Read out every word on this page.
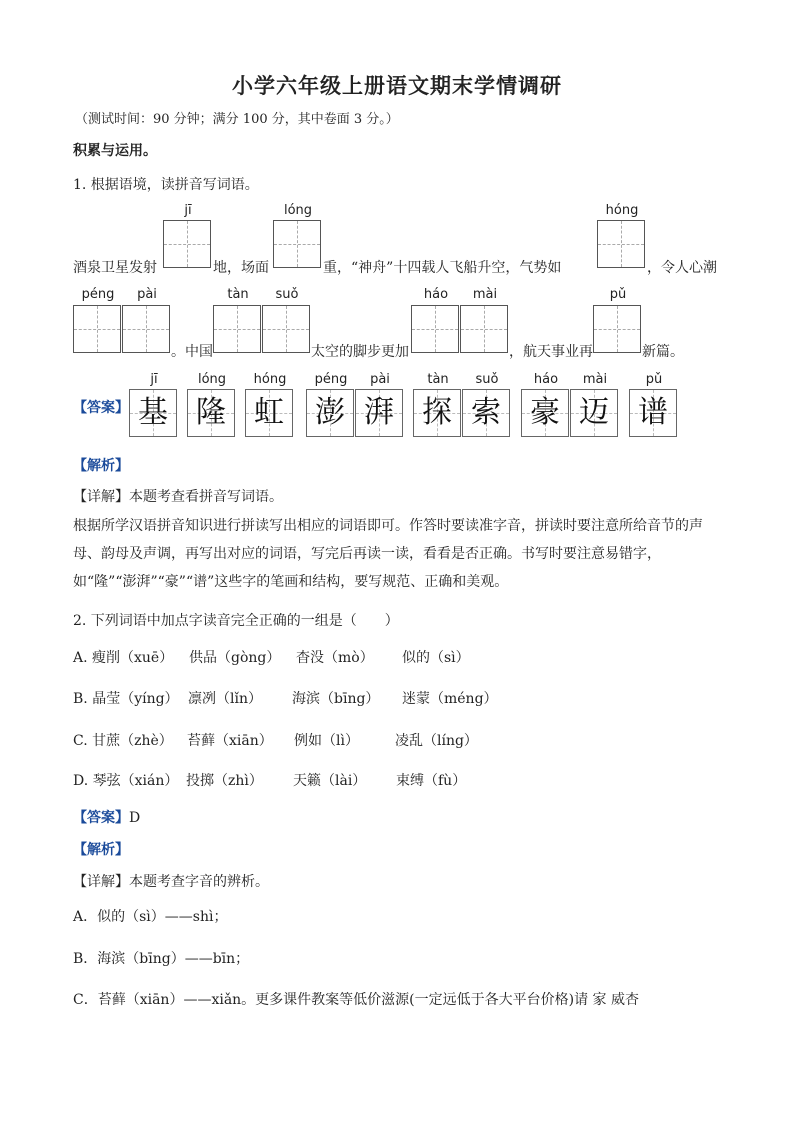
小学六年级上册语文期末学情调研
（测试时间：90 分钟；满分 100 分，其中卷面 3 分。）
积累与运用。
1. 根据语境，读拼音写词语。
jī	lóng	hóng
酒泉卫星发射	地，场面	重，“神舟”十四载人飞船升空，气势如	，令人心潮
péng	pài	tàn	suǒ	háo	mài	pǔ
。中国	太空的脚步更加	，航天事业再	新篇。
【答案】
jī
基
lóng
隆
hóng
虹
péng
澎
pài
湃
tàn
探
suǒ
索
háo
豪
mài
迈
pǔ
谱
【解析】
【详解】本题考查看拼音写词语。
根据所学汉语拼音知识进行拼读写出相应的词语即可。作答时要读准字音，拼读时要注意所给音节的声母、韵母及声调，再写出对应的词语，写完后再读一读，看看是否正确。书写时要注意易错字，如“隆”“澎湃”“豪”“谱”这些字的笔画和结构，要写规范、正确和美观。
2. 下列词语中加点字读音完全正确的一组是（　　）
A. 瘦削（xuē） 供品（gòng） 杳没（mò） 似的（sì）
B. 晶莹（yíng） 凛冽（lǐn） 海滨（bīng） 迷蒙（méng）
C. 甘蔗（zhè） 苔藓（xiān） 例如（lì）	凌乱（líng）
D. 琴弦（xián） 投掷（zhì） 天籁（lài） 束缚（fù）
【答案】D
【解析】
【详解】本题考查字音的辨析。
A．似的（sì）——shì；
B．海滨（bīng）——bīn；
C．苔藓（xiān）——xiǎn。更多课件教案等低价滋源(一定远低于各大平台价格)请 家 威杏
